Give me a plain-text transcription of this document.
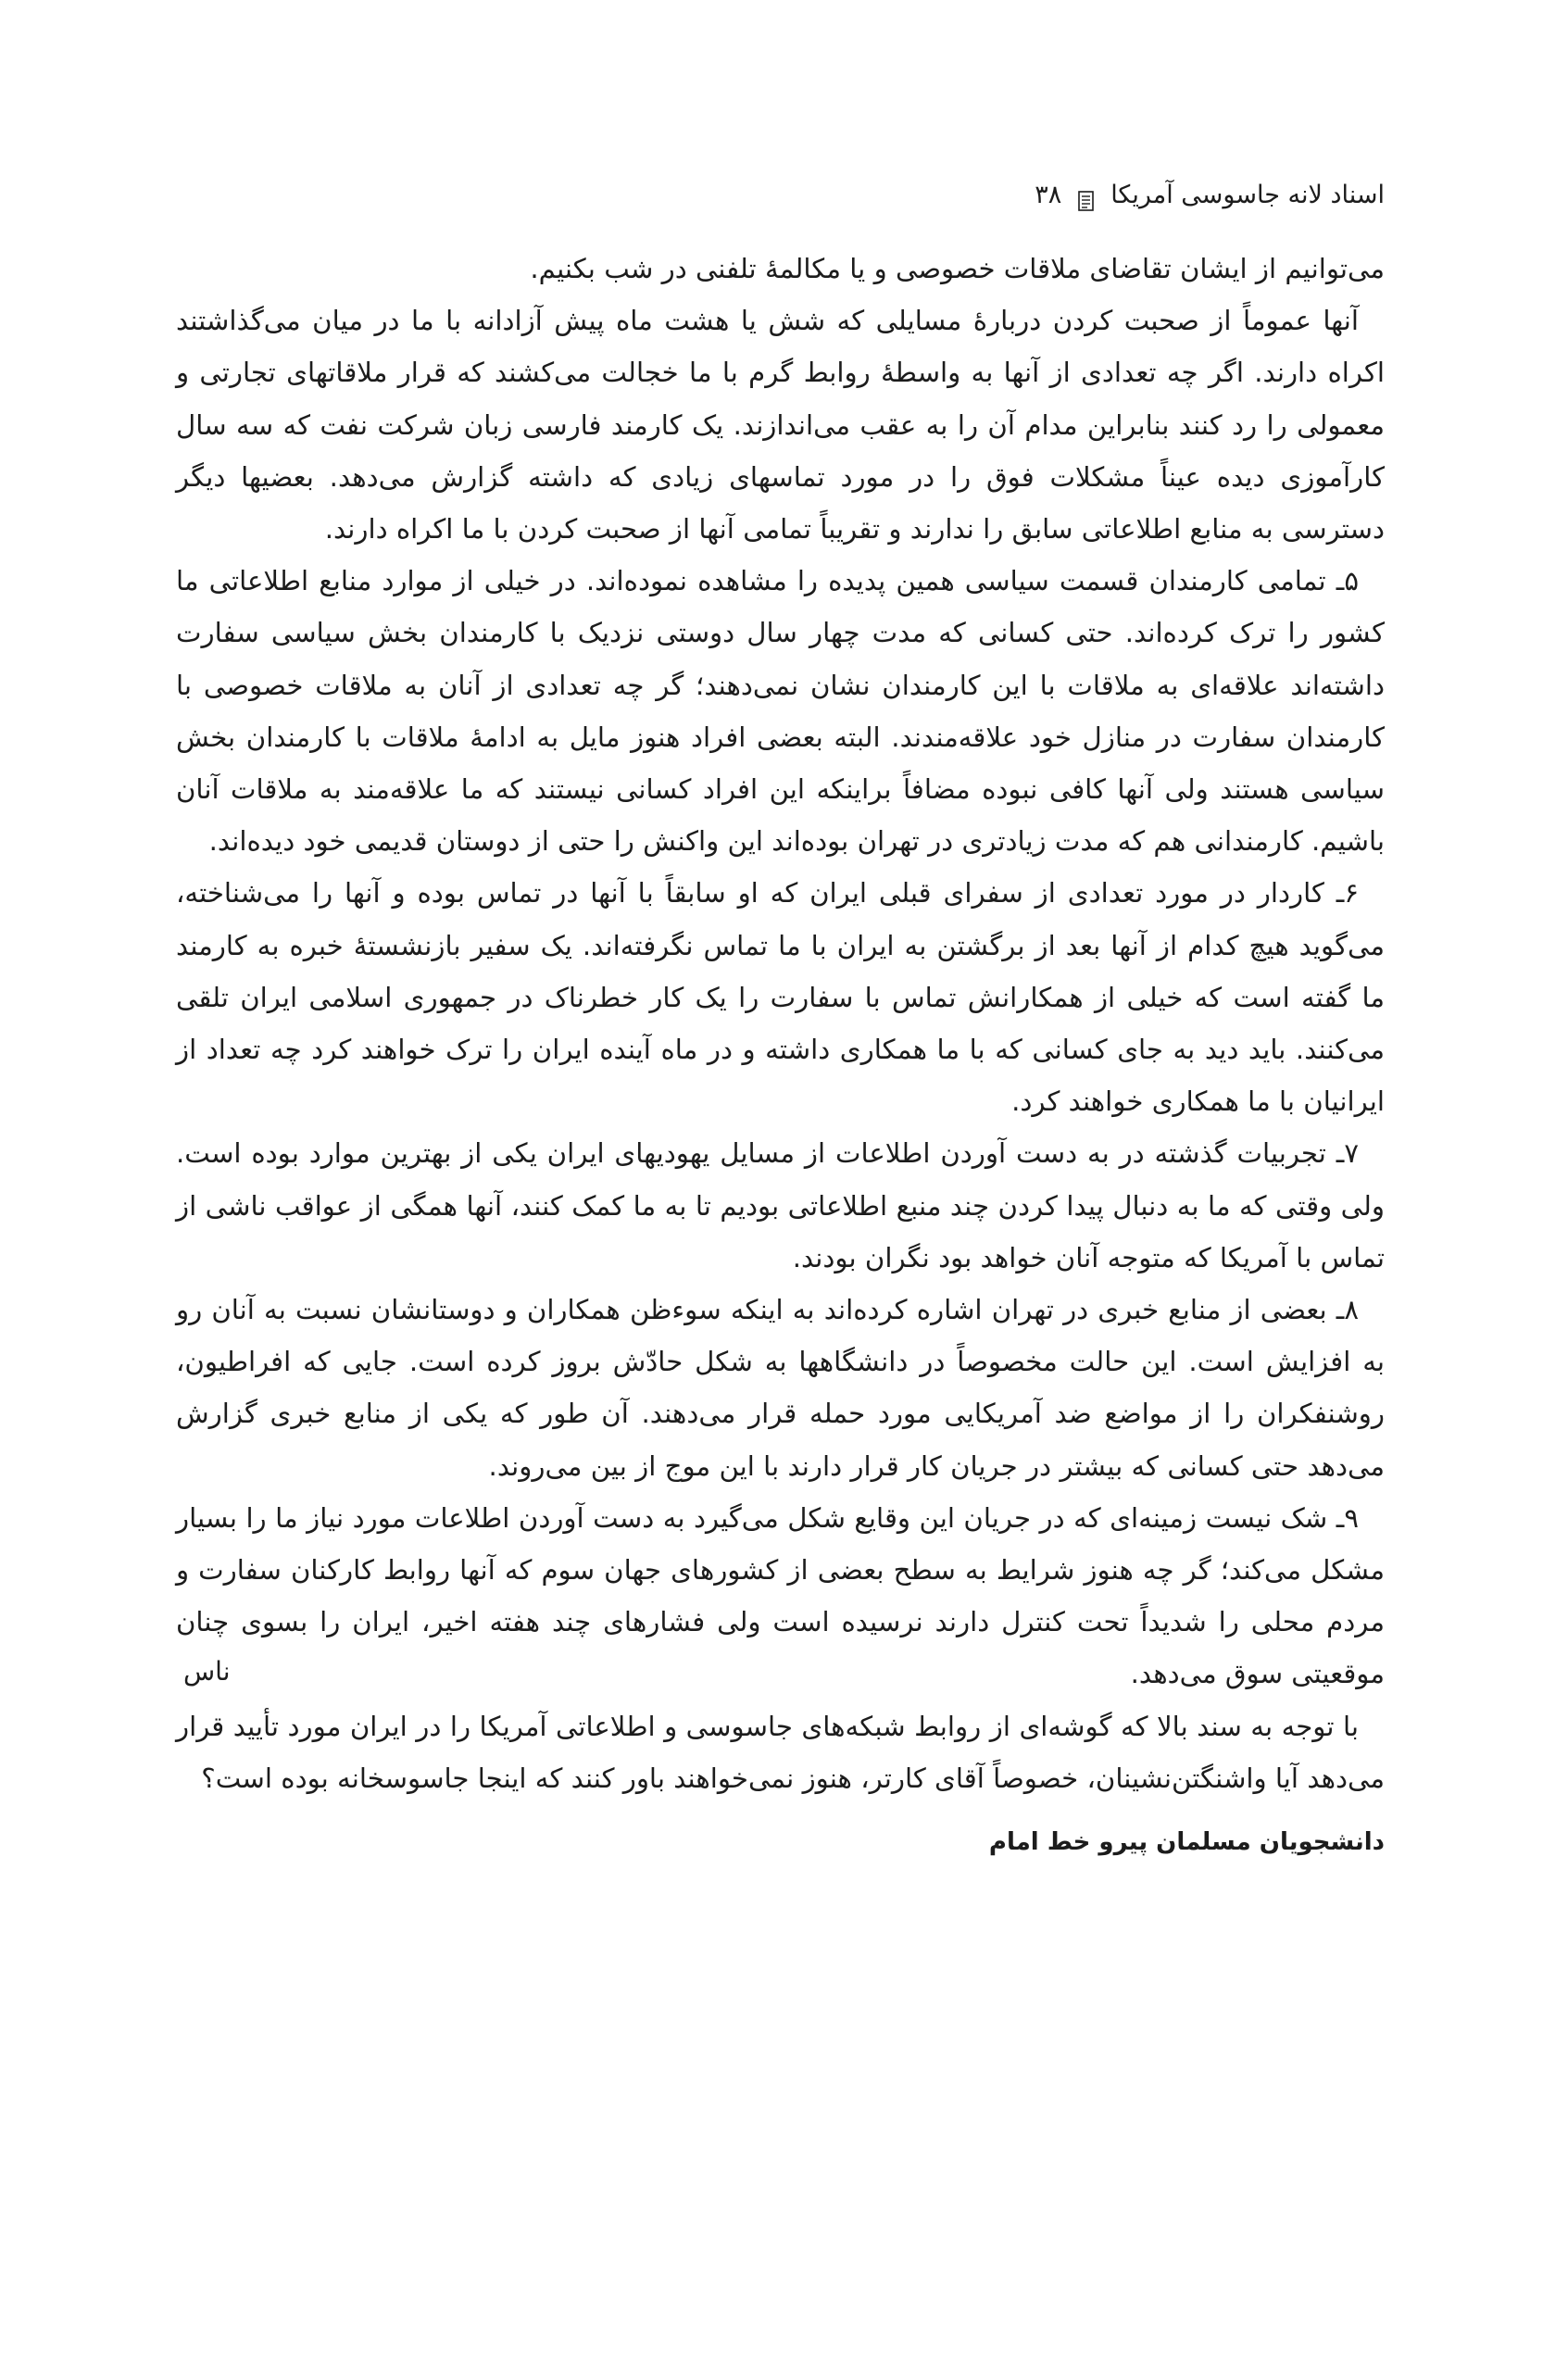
اسناد لانه جاسوسی آمریکا
۳۸

می‌توانیم از ایشان تقاضای ملاقات خصوصی و یا مکالمهٔ تلفنی در شب بکنیم.

آنها عموماً از صحبت کردن دربارهٔ مسایلی که شش یا هشت ماه پیش آزادانه با ما در میان می‌گذاشتند اکراه دارند. اگر چه تعدادی از آنها به واسطهٔ روابط گرم با ما خجالت می‌کشند که قرار ملاقاتهای تجارتی و معمولی را رد کنند بنابراین مدام آن را به عقب می‌اندازند. یک کارمند فارسی زبان شرکت نفت که سه سال کارآموزی دیده عیناً مشکلات فوق را در مورد تماسهای زیادی که داشته گزارش می‌دهد. بعضیها دیگر دسترسی به منابع اطلاعاتی سابق را ندارند و تقریباً تمامی آنها از صحبت کردن با ما اکراه دارند.

۵ـ تمامی کارمندان قسمت سیاسی همین پدیده را مشاهده نموده‌اند. در خیلی از موارد منابع اطلاعاتی ما کشور را ترک کرده‌اند. حتی کسانی که مدت چهار سال دوستی نزدیک با کارمندان بخش سیاسی سفارت داشته‌اند علاقه‌ای به ملاقات با این کارمندان نشان نمی‌دهند؛ گر چه تعدادی از آنان به ملاقات خصوصی با کارمندان سفارت در منازل خود علاقه‌مندند. البته بعضی افراد هنوز مایل به ادامهٔ ملاقات با کارمندان بخش سیاسی هستند ولی آنها کافی نبوده مضافاً براینکه این افراد کسانی نیستند که ما علاقه‌مند به ملاقات آنان باشیم. کارمندانی هم که مدت زیادتری در تهران بوده‌اند این واکنش را حتی از دوستان قدیمی خود دیده‌اند.

۶ـ کاردار در مورد تعدادی از سفرای قبلی ایران که او سابقاً با آنها در تماس بوده و آنها را می‌شناخته، می‌گوید هیچ کدام از آنها بعد از برگشتن به ایران با ما تماس نگرفته‌اند. یک سفیر بازنشستهٔ خبره به کارمند ما گفته است که خیلی از همکارانش تماس با سفارت را یک کار خطرناک در جمهوری اسلامی ایران تلقی می‌کنند. باید دید به جای کسانی که با ما همکاری داشته و در ماه آینده ایران را ترک خواهند کرد چه تعداد از ایرانیان با ما همکاری خواهند کرد.

۷ـ تجربیات گذشته در به دست آوردن اطلاعات از مسایل یهودیهای ایران یکی از بهترین موارد بوده است. ولی وقتی که ما به دنبال پیدا کردن چند منبع اطلاعاتی بودیم تا به ما کمک کنند، آنها همگی از عواقب ناشی از تماس با آمریکا که متوجه آنان خواهد بود نگران بودند.

۸ـ بعضی از منابع خبری در تهران اشاره کرده‌اند به اینکه سوءظن همکاران و دوستانشان نسبت به آنان رو به افزایش است. این حالت مخصوصاً در دانشگاهها به شکل حادّش بروز کرده است. جایی که افراطیون، روشنفکران را از مواضع ضد آمریکایی مورد حمله قرار می‌دهند. آن طور که یکی از منابع خبری گزارش می‌دهد حتی کسانی که بیشتر در جریان کار قرار دارند با این موج از بین می‌روند.

۹ـ شک نیست زمینه‌ای که در جریان این وقایع شکل می‌گیرد به دست آوردن اطلاعات مورد نیاز ما را بسیار مشکل می‌کند؛ گر چه هنوز شرایط به سطح بعضی از کشورهای جهان سوم که آنها روابط کارکنان سفارت و مردم محلی را شدیداً تحت کنترل دارند نرسیده است ولی فشارهای چند هفته اخیر، ایران را بسوی چنان موقعیتی سوق می‌دهد.

ناس

با توجه به سند بالا که گوشه‌ای از روابط شبکه‌های جاسوسی و اطلاعاتی آمریکا را در ایران مورد تأیید قرار می‌دهد آیا واشنگتن‌نشینان، خصوصاً آقای کارتر، هنوز نمی‌خواهند باور کنند که اینجا جاسوسخانه بوده است؟

دانشجویان مسلمان پیرو خط امام
